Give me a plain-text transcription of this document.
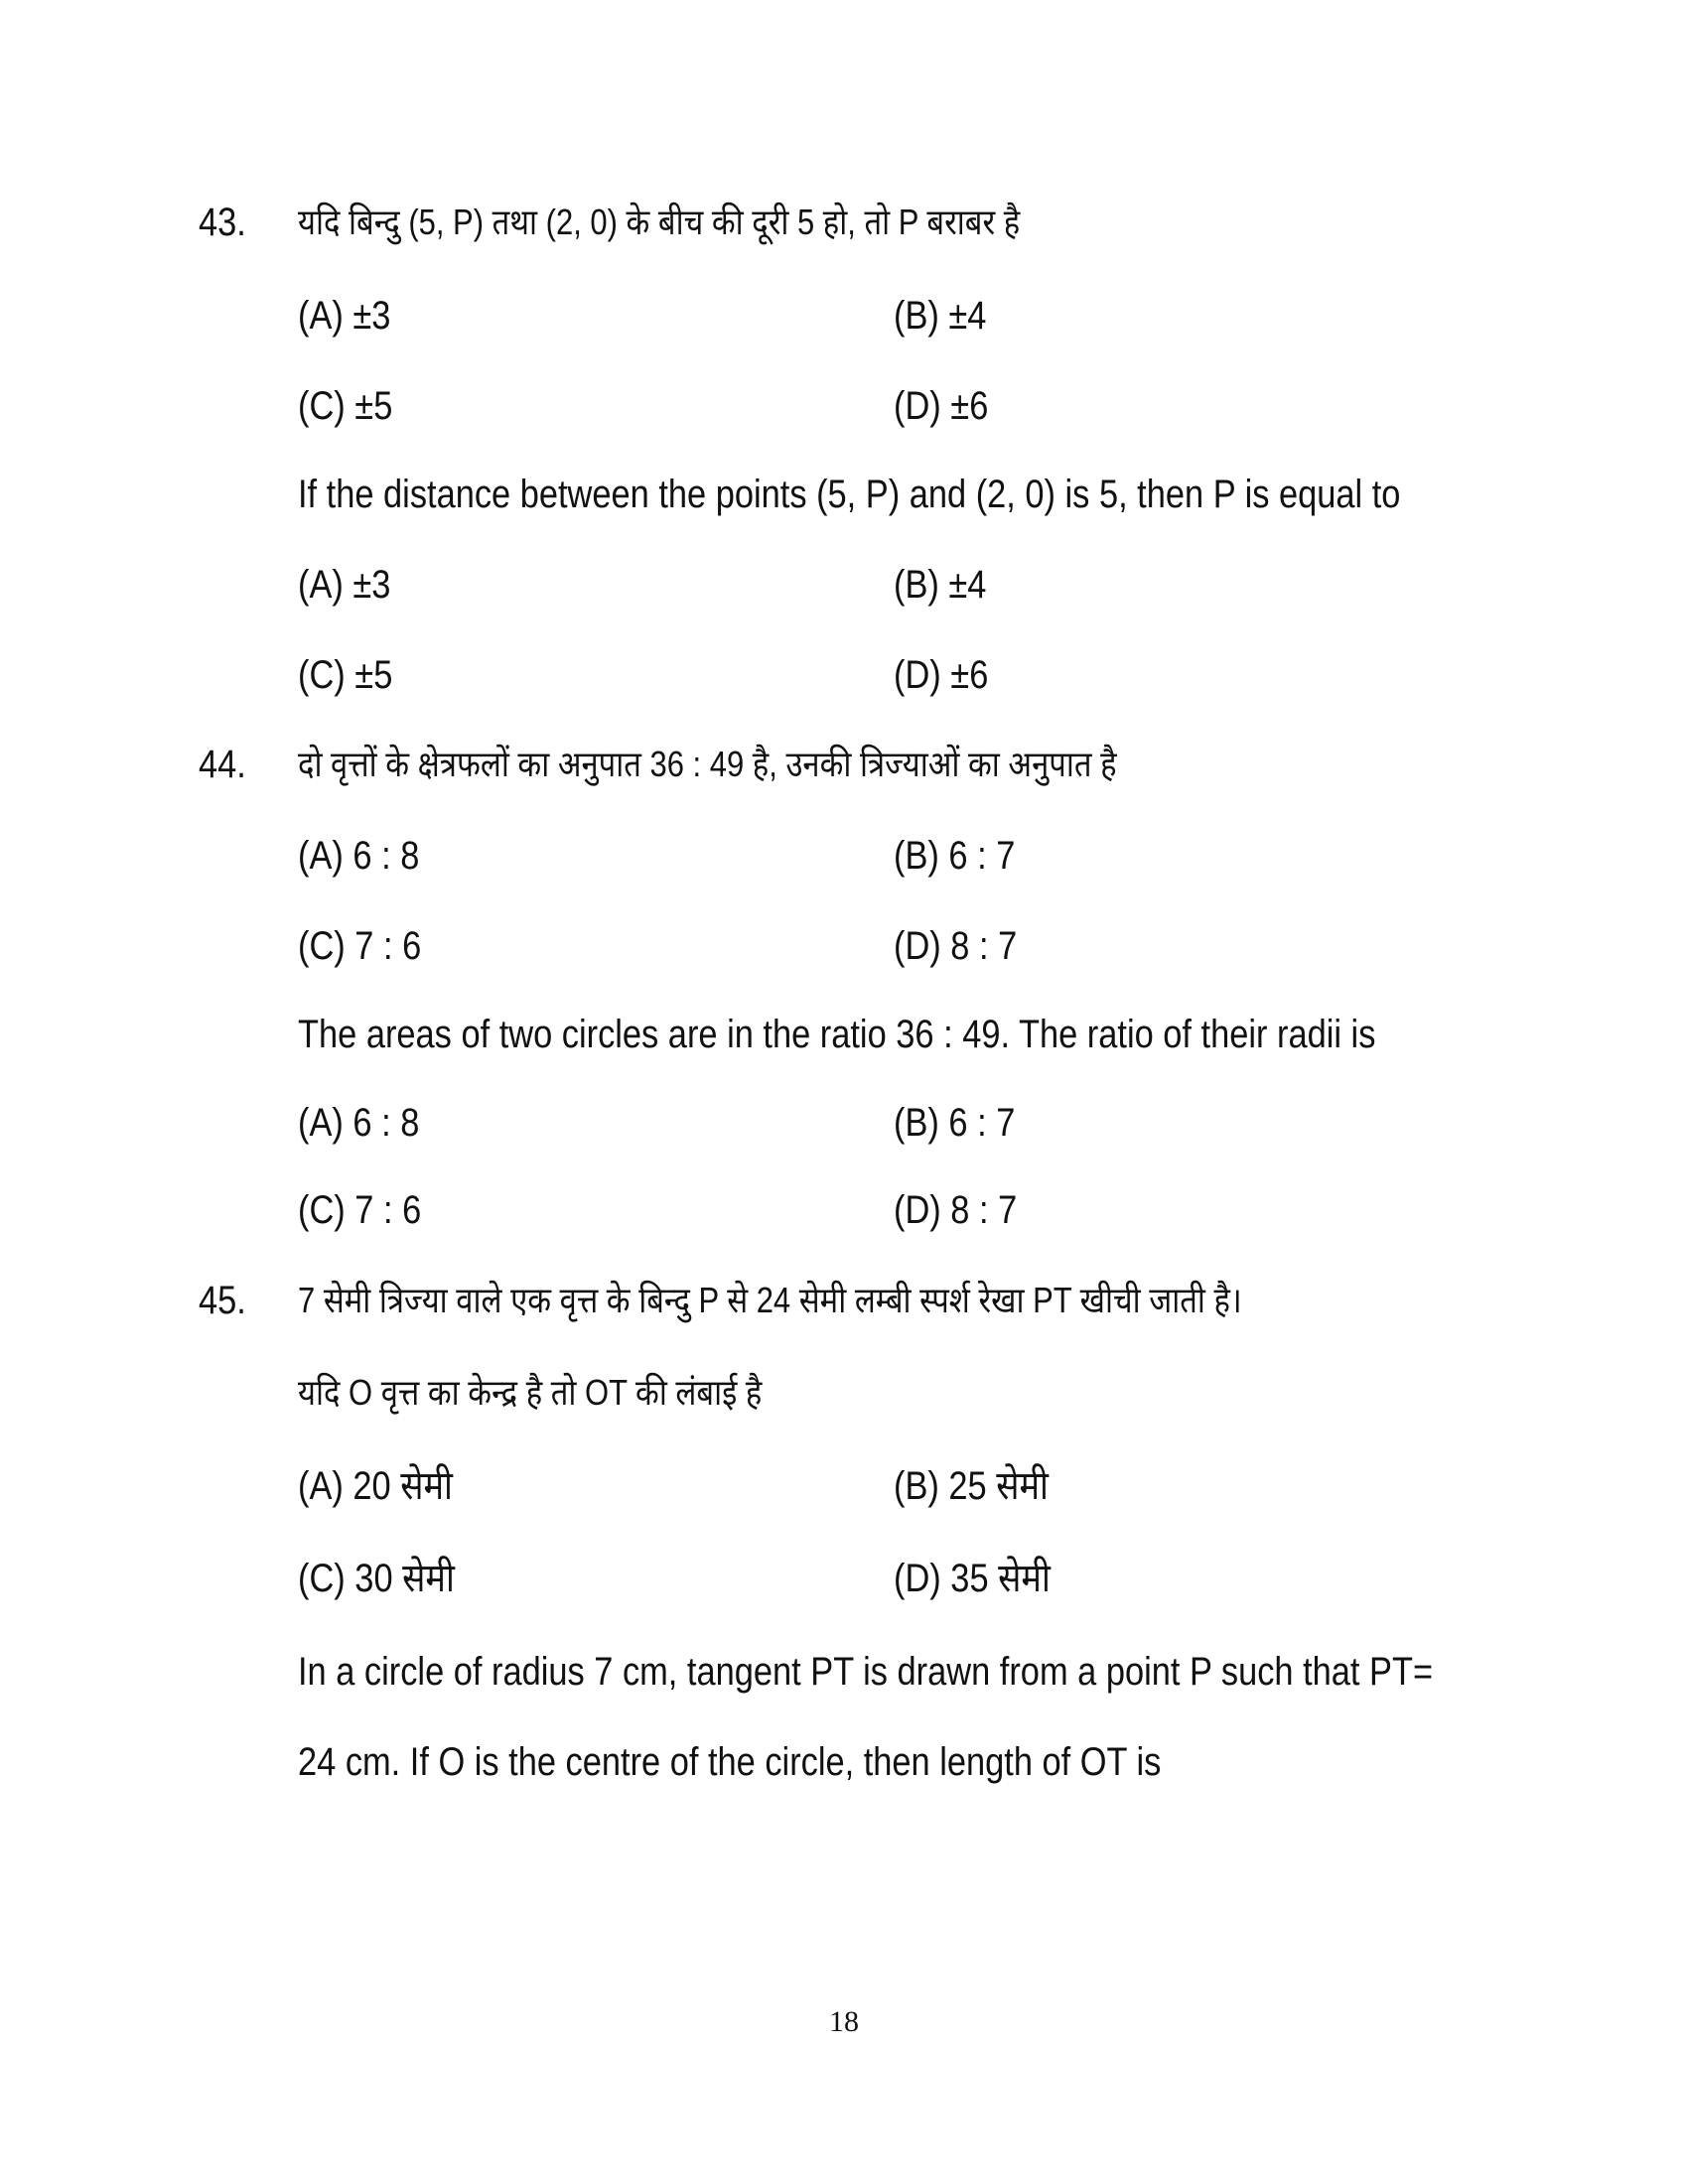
43. यदि बिन्दु (5, P) तथा (2, 0) के बीच की दूरी 5 हो, तो P बराबर है
(A) ±3	(B) ±4
(C) ±5	(D) ±6
If the distance between the points (5, P) and (2, 0) is 5, then P is equal to
(A) ±3	(B) ±4
(C) ±5	(D) ±6
44. दो वृत्तों के क्षेत्रफलों का अनुपात 36 : 49 है, उनकी त्रिज्याओं का अनुपात है
(A) 6 : 8	(B) 6 : 7
(C) 7 : 6	(D) 8 : 7
The areas of two circles are in the ratio 36 : 49. The ratio of their radii is
(A) 6 : 8	(B) 6 : 7
(C) 7 : 6	(D) 8 : 7
45. 7 सेमी त्रिज्या वाले एक वृत्त के बिन्दु P से 24 सेमी लम्बी स्पर्श रेखा PT खीची जाती है।
यदि O वृत्त का केन्द्र है तो OT की लंबाई है
(A) 20 सेमी	(B) 25 सेमी
(C) 30 सेमी	(D) 35 सेमी
In a circle of radius 7 cm, tangent PT is drawn from a point P such that PT=
24 cm. If O is the centre of the circle, then length of OT is
18
